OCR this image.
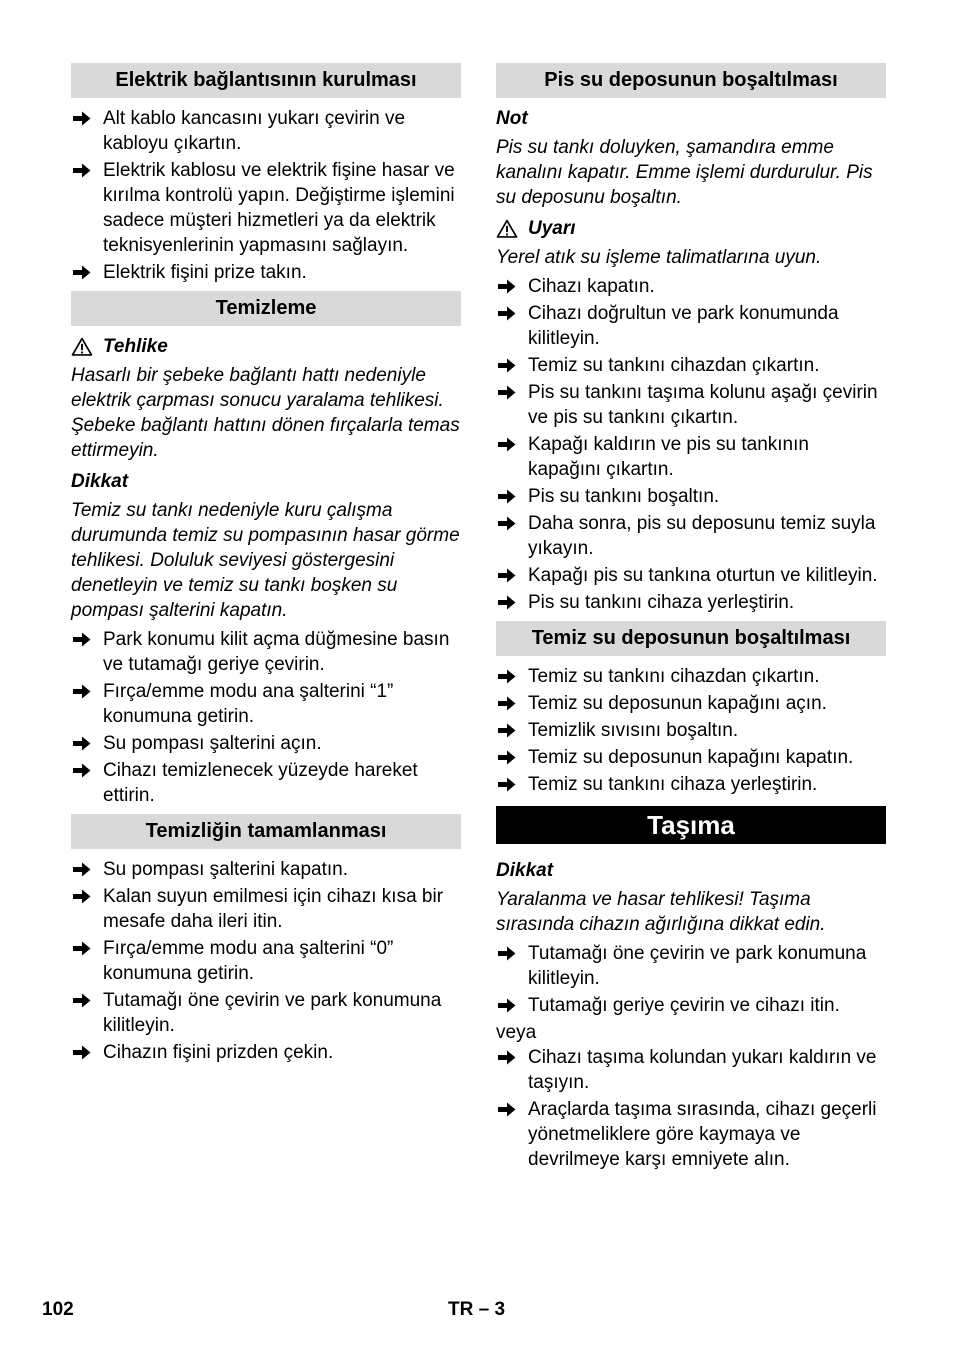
Elektrik bağlantısının kurulması
Alt kablo kancasını yukarı çevirin ve kabloyu çıkartın.
Elektrik kablosu ve elektrik fişine hasar ve kırılma kontrolü yapın. Değiştirme işlemini sadece müşteri hizmetleri ya da elektrik teknisyenlerinin yapmasını sağlayın.
Elektrik fişini prize takın.
Temizleme
Tehlike
Hasarlı bir şebeke bağlantı hattı nedeniyle elektrik çarpması sonucu yaralama tehlikesi. Şebeke bağlantı hattını dönen fırçalarla temas ettirmeyin.
Dikkat
Temiz su tankı nedeniyle kuru çalışma durumunda temiz su pompasının hasar görme tehlikesi. Doluluk seviyesi göstergesini denetleyin ve temiz su tankı boşken su pompası şalterini kapatın.
Park konumu kilit açma düğmesine basın ve tutamağı geriye çevirin.
Fırça/emme modu ana şalterini “1” konumuna getirin.
Su pompası şalterini açın.
Cihazı temizlenecek yüzeyde hareket ettirin.
Temizliğin tamamlanması
Su pompası şalterini kapatın.
Kalan suyun emilmesi için cihazı kısa bir mesafe daha ileri itin.
Fırça/emme modu ana şalterini “0” konumuna getirin.
Tutamağı öne çevirin ve park konumuna kilitleyin.
Cihazın fişini prizden çekin.
Pis su deposunun boşaltılması
Not
Pis su tankı doluyken, şamandıra emme kanalını kapatır. Emme işlemi durdurulur. Pis su deposunu boşaltın.
Uyarı
Yerel atık su işleme talimatlarına uyun.
Cihazı kapatın.
Cihazı doğrultun ve park konumunda kilitleyin.
Temiz su tankını cihazdan çıkartın.
Pis su tankını taşıma kolunu aşağı çevirin ve pis su tankını çıkartın.
Kapağı kaldırın ve pis su tankının kapağını çıkartın.
Pis su tankını boşaltın.
Daha sonra, pis su deposunu temiz suyla yıkayın.
Kapağı pis su tankına oturtun ve kilitleyin.
Pis su tankını cihaza yerleştirin.
Temiz su deposunun boşaltılması
Temiz su tankını cihazdan çıkartın.
Temiz su deposunun kapağını açın.
Temizlik sıvısını boşaltın.
Temiz su deposunun kapağını kapatın.
Temiz su tankını cihaza yerleştirin.
Taşıma
Dikkat
Yaralanma ve hasar tehlikesi! Taşıma sırasında cihazın ağırlığına dikkat edin.
Tutamağı öne çevirin ve park konumuna kilitleyin.
Tutamağı geriye çevirin ve cihazı itin.

veya

Cihazı taşıma kolundan yukarı kaldırın ve taşıyın.
Araçlarda taşıma sırasında, cihazı geçerli yönetmeliklere göre kaymaya ve devrilmeye karşı emniyete alın.
102	TR – 3
